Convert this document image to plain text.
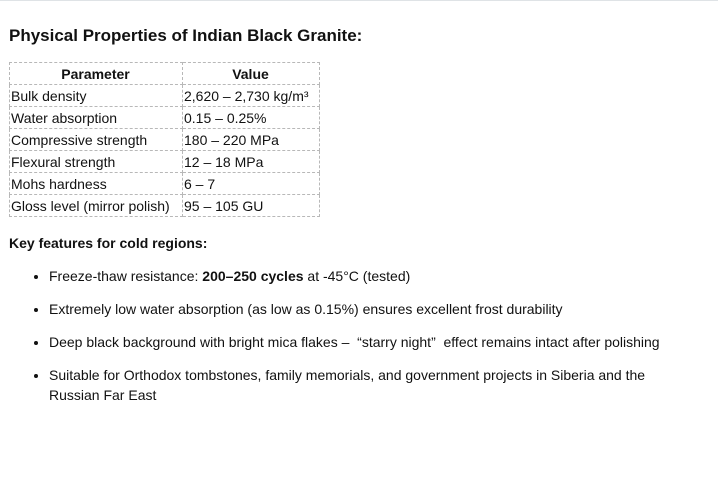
Physical Properties of Indian Black Granite:
Parameter	Value
Bulk density	2,620 – 2,730 kg/m³
Water absorption	0.15 – 0.25%
Compressive strength	180 – 220 MPa
Flexural strength	12 – 18 MPa
Mohs hardness	6 – 7
Gloss level (mirror polish)	95 – 105 GU
Key features for cold regions:
• Freeze-thaw resistance: 200–250 cycles at -45°C (tested)
• Extremely low water absorption (as low as 0.15%) ensures excellent frost durability
• Deep black background with bright mica flakes –  “starry night”  effect remains intact after polishing
• Suitable for Orthodox tombstones, family memorials, and government projects in Siberia and the Russian Far East
